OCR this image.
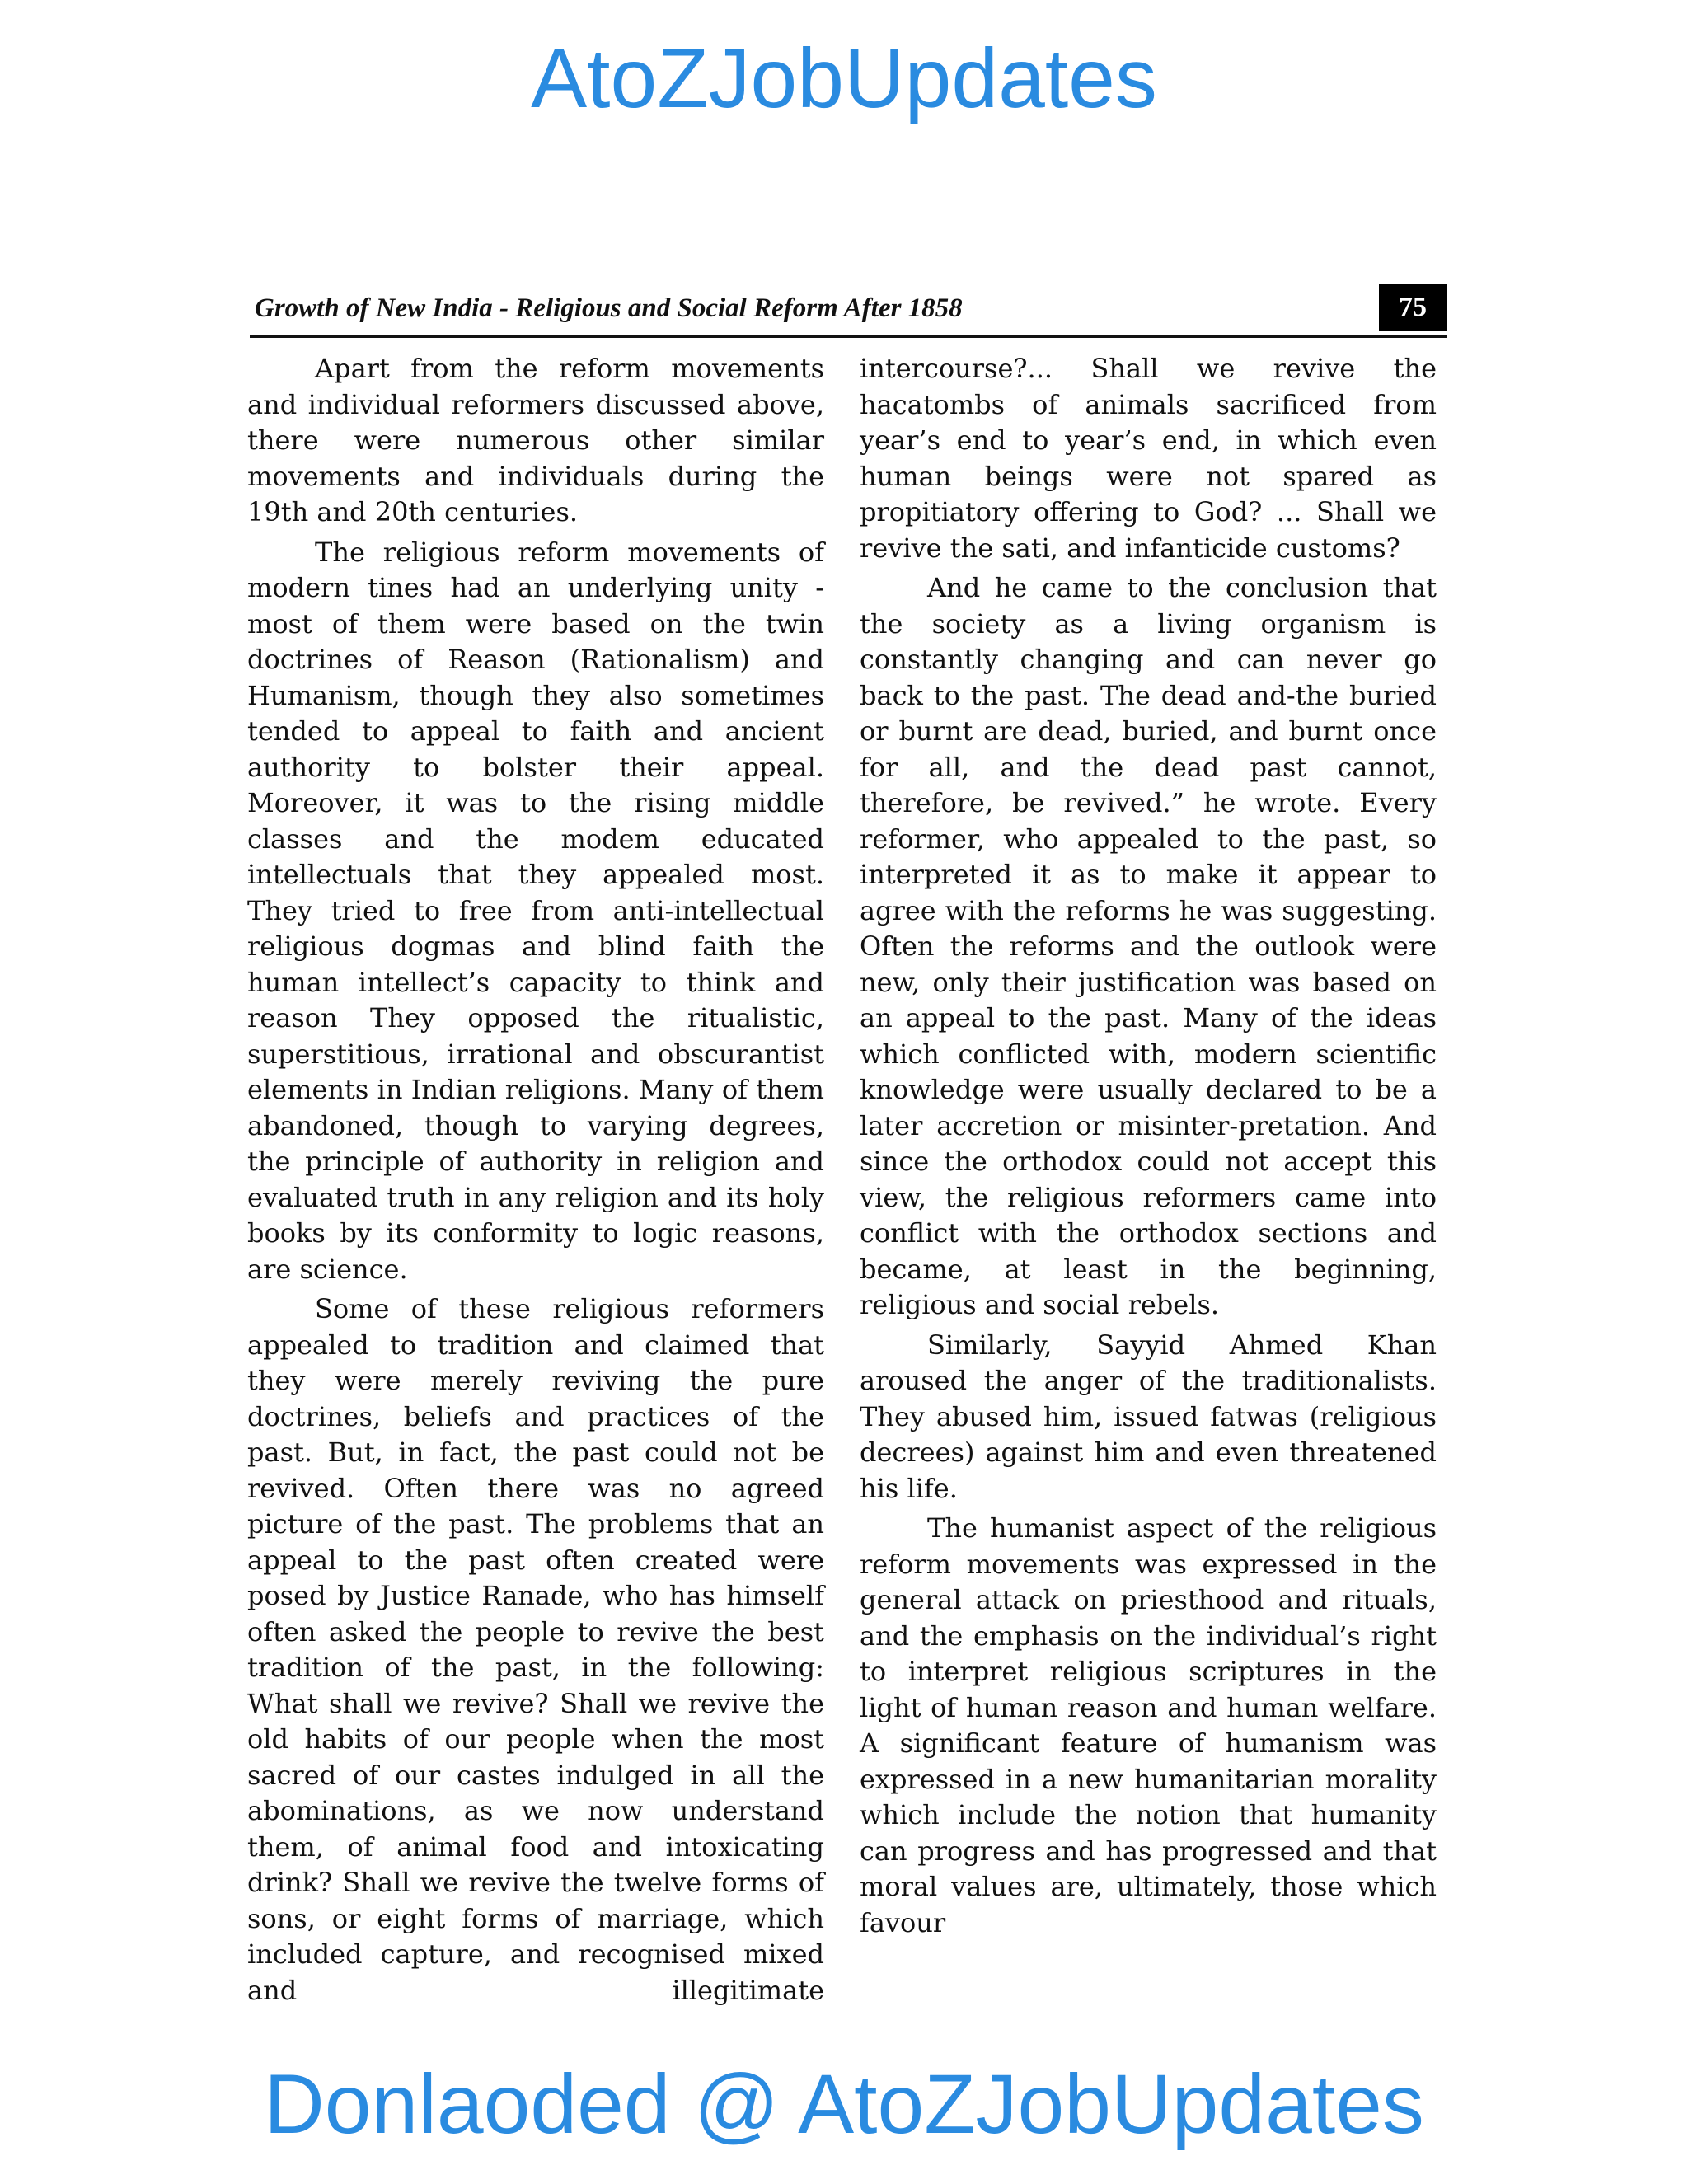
AtoZJobUpdates
Growth of New India - Religious and Social Reform After 1858	75

Apart from the reform movements and individual reformers discussed above, there were numerous other similar movements and individuals during the 19th and 20th centuries.

The religious reform movements of modern tines had an underlying unity -most of them were based on the twin doctrines of Reason (Rationalism) and Humanism, though they also sometimes tended to appeal to faith and ancient authority to bolster their appeal. Moreover, it was to the rising middle classes and the modem educated intellectuals that they appealed most. They tried to free from anti-intellectual religious dogmas and blind faith the human intellect’s capacity to think and reason They opposed the ritualistic, superstitious, irrational and obscurantist elements in Indian religions. Many of them abandoned, though to varying degrees, the principle of authority in religion and evaluated truth in any religion and its holy books by its conformity to logic reasons, are science.

Some of these religious reformers appealed to tradition and claimed that they were merely reviving the pure doctrines, beliefs and practices of the past. But, in fact, the past could not be revived. Often there was no agreed picture of the past. The problems that an appeal to the past often created were posed by Justice Ranade, who has himself often asked the people to revive the best tradition of the past, in the following: What shall we revive? Shall we revive the old habits of our people when the most sacred of our castes indulged in all the abominations, as we now understand them, of animal food and intoxicating drink? Shall we revive the twelve forms of sons, or eight forms of marriage, which included capture, and recognised mixed and illegitimate

intercourse?... Shall we revive the hacatombs of animals sacrificed from year’s end to year’s end, in which even human beings were not spared as propitiatory offering to God? ... Shall we revive the sati, and infanticide customs?

And he came to the conclusion that the society as a living organism is constantly changing and can never go back to the past. The dead and-the buried or burnt are dead, buried, and burnt once for all, and the dead past cannot, therefore, be revived.” he wrote. Every reformer, who appealed to the past, so interpreted it as to make it appear to agree with the reforms he was suggesting. Often the reforms and the outlook were new, only their justification was based on an appeal to the past. Many of the ideas which conflicted with, modern scientific knowledge were usually declared to be a later accretion or misinter-pretation. And since the orthodox could not accept this view, the religious reformers came into conflict with the orthodox sections and became, at least in the beginning, religious and social rebels.

Similarly, Sayyid Ahmed Khan aroused the anger of the traditionalists. They abused him, issued fatwas (religious decrees) against him and even threatened his life.

The humanist aspect of the religious reform movements was expressed in the general attack on priesthood and rituals, and the emphasis on the individual’s right to interpret religious scriptures in the light of human reason and human welfare. A significant feature of humanism was expressed in a new humanitarian morality which include the notion that humanity can progress and has progressed and that moral values are, ultimately, those which favour

Donlaoded @ AtoZJobUpdates
